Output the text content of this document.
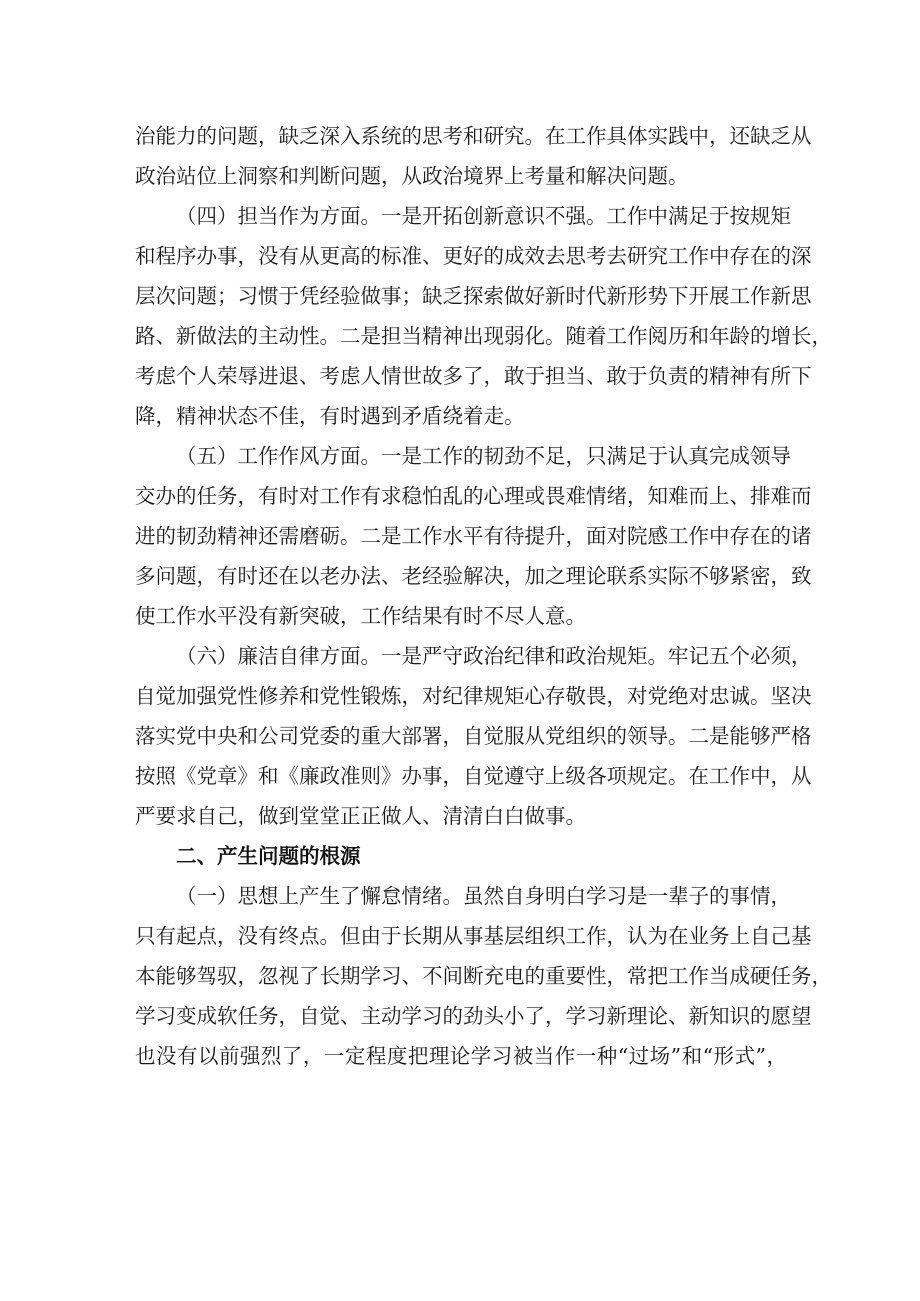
治能力的问题，缺乏深入系统的思考和研究。在工作具体实践中，还缺乏从
政治站位上洞察和判断问题，从政治境界上考量和解决问题。
（四）担当作为方面。一是开拓创新意识不强。工作中满足于按规矩
和程序办事，没有从更高的标准、更好的成效去思考去研究工作中存在的深
层次问题；习惯于凭经验做事；缺乏探索做好新时代新形势下开展工作新思
路、新做法的主动性。二是担当精神出现弱化。随着工作阅历和年龄的增长，
考虑个人荣辱进退、考虑人情世故多了，敢于担当、敢于负责的精神有所下
降，精神状态不佳，有时遇到矛盾绕着走。
（五）工作作风方面。一是工作的韧劲不足，只满足于认真完成领导
交办的任务，有时对工作有求稳怕乱的心理或畏难情绪，知难而上、排难而
进的韧劲精神还需磨砺。二是工作水平有待提升，面对院感工作中存在的诸
多问题，有时还在以老办法、老经验解决，加之理论联系实际不够紧密，致
使工作水平没有新突破，工作结果有时不尽人意。
（六）廉洁自律方面。一是严守政治纪律和政治规矩。牢记五个必须，
自觉加强党性修养和党性锻炼，对纪律规矩心存敬畏，对党绝对忠诚。坚决
落实党中央和公司党委的重大部署，自觉服从党组织的领导。二是能够严格
按照《党章》和《廉政准则》办事，自觉遵守上级各项规定。在工作中，从
严要求自己，做到堂堂正正做人、清清白白做事。
二、产生问题的根源
（一）思想上产生了懈怠情绪。虽然自身明白学习是一辈子的事情，
只有起点，没有终点。但由于长期从事基层组织工作，认为在业务上自己基
本能够驾驭，忽视了长期学习、不间断充电的重要性，常把工作当成硬任务，
学习变成软任务，自觉、主动学习的劲头小了，学习新理论、新知识的愿望
也没有以前强烈了，一定程度把理论学习被当作一种“过场”和“形式”，
